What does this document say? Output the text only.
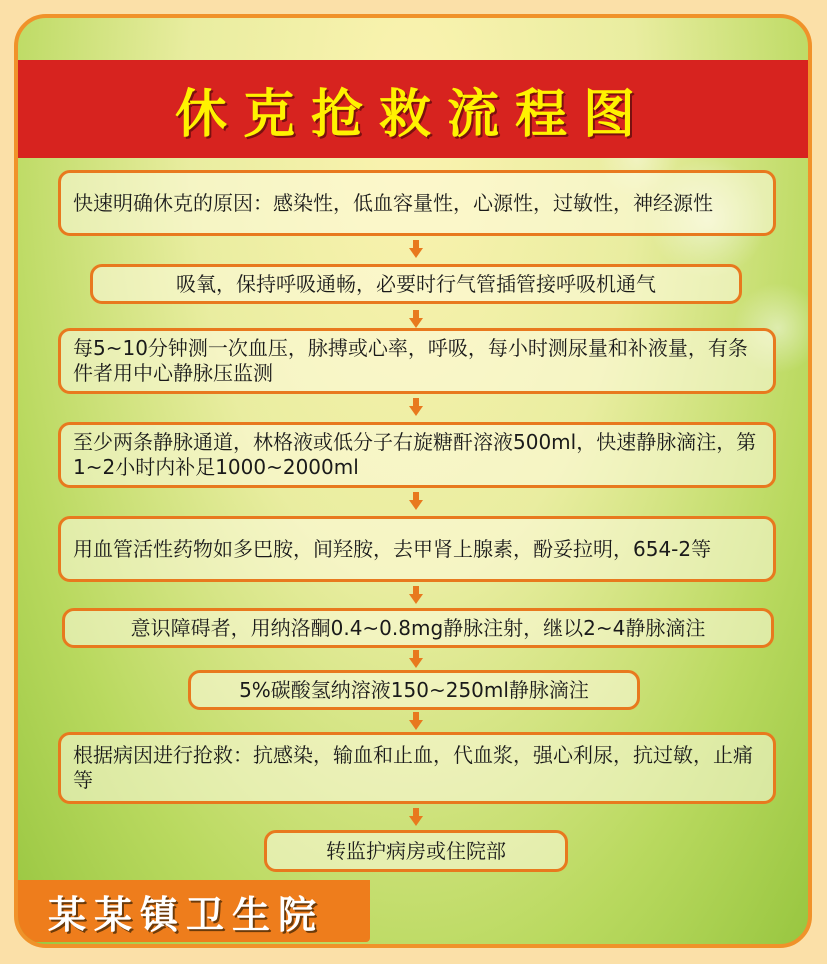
休克抢救流程图
快速明确休克的原因：感染性，低血容量性，心源性，过敏性，神经源性
吸氧，保持呼吸通畅，必要时行气管插管接呼吸机通气
每5~10分钟测一次血压，脉搏或心率，呼吸，每小时测尿量和补液量，有条件者用中心静脉压监测
至少两条静脉通道，林格液或低分子右旋糖酐溶液500ml，快速静脉滴注，第1~2小时内补足1000~2000ml
用血管活性药物如多巴胺，间羟胺，去甲肾上腺素，酚妥拉明，654-2等
意识障碍者，用纳洛酮0.4~0.8mg静脉注射，继以2~4静脉滴注
5%碳酸氢纳溶液150~250ml静脉滴注
根据病因进行抢救：抗感染，输血和止血，代血浆，强心利尿，抗过敏，止痛等
转监护病房或住院部
某某镇卫生院
